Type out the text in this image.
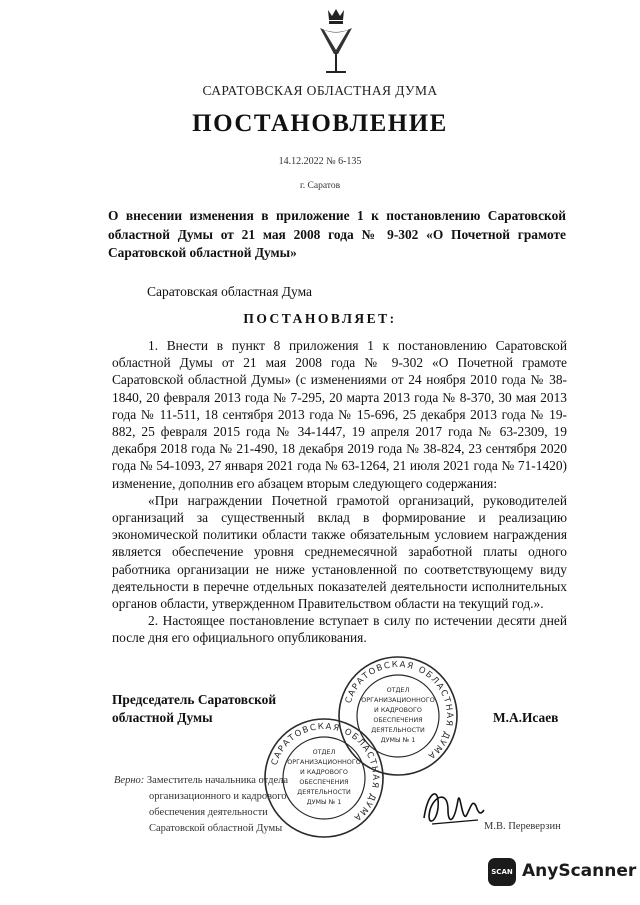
САРАТОВСКАЯ ОБЛАСТНАЯ ДУМА
ПОСТАНОВЛЕНИЕ
14.12.2022 № 6-135
г. Саратов
О внесении изменения в приложение 1 к постановлению Саратовской областной Думы от 21 мая 2008 года № 9-302 «О Почетной грамоте Саратовской областной Думы»
Саратовская областная Дума
ПОСТАНОВЛЯЕТ:

1. Внести в пункт 8 приложения 1 к постановлению Саратовской областной Думы от 21 мая 2008 года № 9-302 «О Почетной грамоте Саратовской областной Думы» (с изменениями от 24 ноября 2010 года № 38-1840, 20 февраля 2013 года № 7-295, 20 марта 2013 года № 8-370, 30 мая 2013 года № 11-511, 18 сентября 2013 года № 15-696, 25 декабря 2013 года № 19-882, 25 февраля 2015 года № 34-1447, 19 апреля 2017 года № 63-2309, 19 декабря 2018 года № 21-490, 18 декабря 2019 года № 38-824, 23 сентября 2020 года № 54-1093, 27 января 2021 года № 63-1264, 21 июля 2021 года № 71-1420) изменение, дополнив его абзацем вторым следующего содержания:

«При награждении Почетной грамотой организаций, руководителей организаций за существенный вклад в формирование и реализацию экономической политики области также обязательным условием награждения является обеспечение уровня среднемесячной заработной платы одного работника организации не ниже установленной по соответствующему виду деятельности в перечне отдельных показателей деятельности исполнительных органов области, утвержденном Правительством области на текущий год.».

2. Настоящее постановление вступает в силу по истечении десяти дней после дня его официального опубликования.

Председатель Саратовской
областной Думы	М.А.Исаев
САРАТОВСКАЯ ОБЛАСТНАЯ ДУМА
ОТДЕЛ
ОРГАНИЗАЦИОННОГО
И КАДРОВОГО
ОБЕСПЕЧЕНИЯ
ДЕЯТЕЛЬНОСТИ
ДУМЫ № 1
САРАТОВСКАЯ ОБЛАСТНАЯ ДУМА
ОТДЕЛ
ОРГАНИЗАЦИОННОГО
И КАДРОВОГО
ОБЕСПЕЧЕНИЯ
ДЕЯТЕЛЬНОСТИ
ДУМЫ № 1
Верно: Заместитель начальника отдела
организационного и кадрового
обеспечения деятельности
Саратовской областной Думы	М.В. Переверзин
SCAN AnyScanner
